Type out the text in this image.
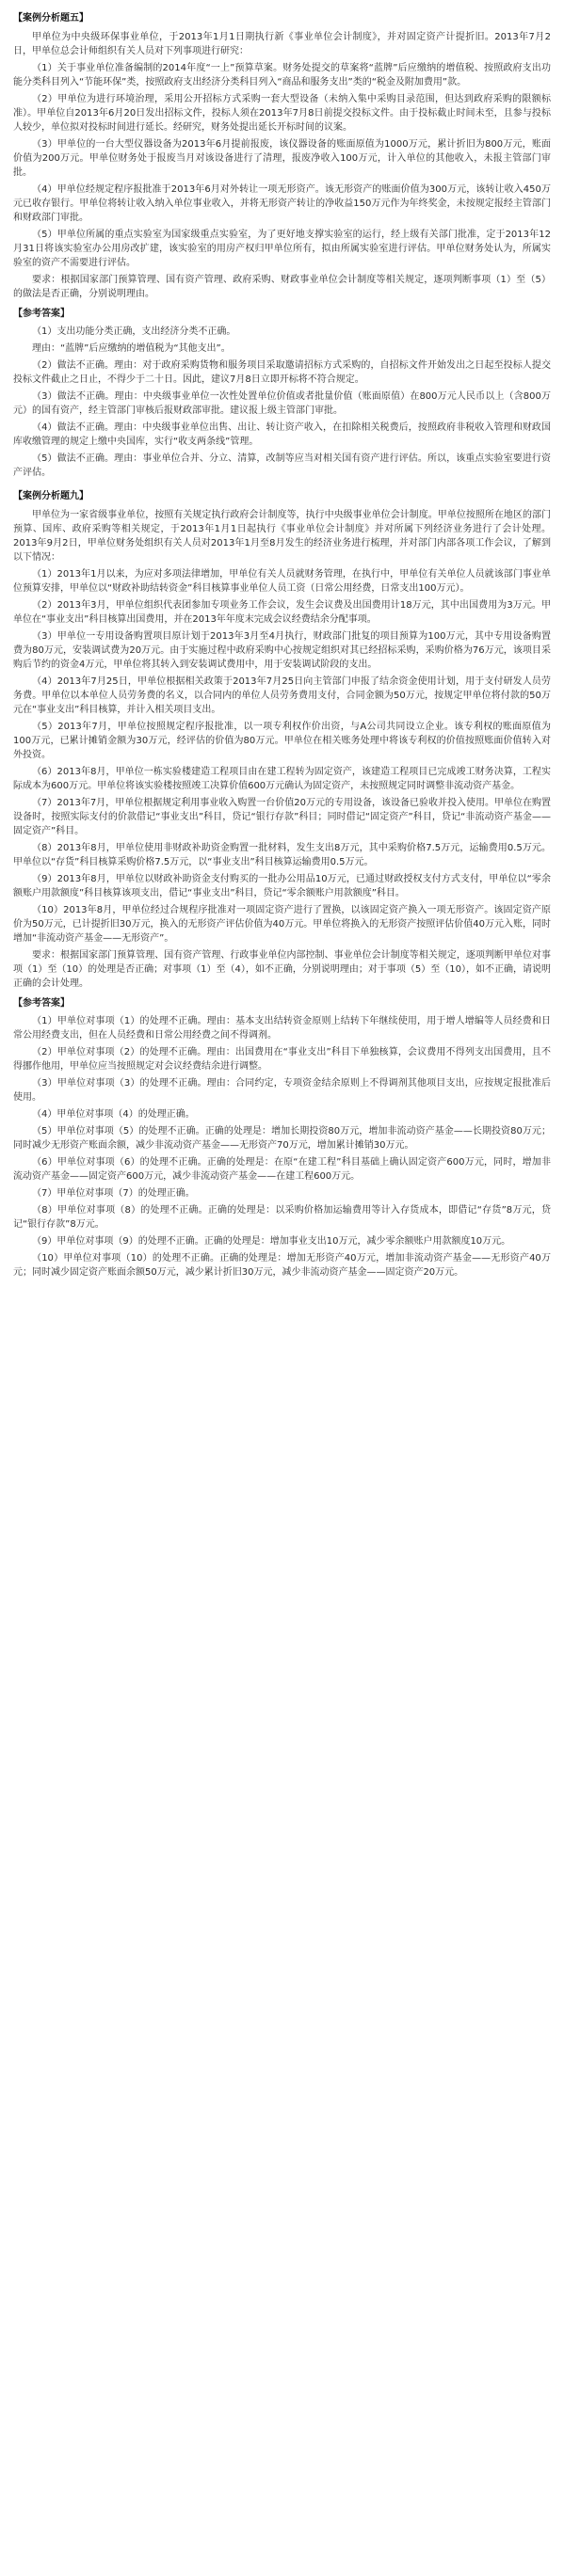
【案例分析题五】

甲单位为中央级环保事业单位，于2013年1月1日期执行新《事业单位会计制度》，并对固定资产计提折旧。2013年7月2日，甲单位总会计师组织有关人员对下列事项进行研究：

（1）关于事业单位准备编制的2014年度“一上”预算草案。财务处提交的草案将“蓝牌”后应缴纳的增值税、按照政府支出功能分类科目列入“节能环保”类，按照政府支出经济分类科目列入“商品和服务支出”类的“税金及附加费用”款。

（2）甲单位为进行环境治理，采用公开招标方式采购一套大型设备（未纳入集中采购目录范围，但达到政府采购的限额标准）。甲单位自2013年6月20日发出招标文件，投标人须在2013年7月8日前提交投标文件。由于投标截止时间未至，且参与投标人较少，单位拟对投标时间进行延长。经研究，财务处提出延长开标时间的议案。

（3）甲单位的一台大型仪器设备为2013年6月提前报废，该仪器设备的账面原值为1000万元，累计折旧为800万元，账面价值为200万元。甲单位财务处于报废当月对该设备进行了清理，报废净收入100万元，计入单位的其他收入，未报主管部门审批。

（4）甲单位经规定程序报批准于2013年6月对外转让一项无形资产。该无形资产的账面价值为300万元，该转让收入450万元已收存银行。甲单位将转让收入纳入单位事业收入，并将无形资产转让的净收益150万元作为年终奖金，未按规定报经主管部门和财政部门审批。

（5）甲单位所属的重点实验室为国家级重点实验室，为了更好地支撑实验室的运行，经上级有关部门批准，定于2013年12月31日将该实验室办公用房改扩建，该实验室的用房产权归甲单位所有，拟由所属实验室进行评估。甲单位财务处认为，所属实验室的资产不需要进行评估。

要求：根据国家部门预算管理、国有资产管理、政府采购、财政事业单位会计制度等相关规定，逐项判断事项（1）至（5）的做法是否正确，分别说明理由。

【参考答案】

（1）支出功能分类正确，支出经济分类不正确。

理由：“蓝牌”后应缴纳的增值税为“其他支出”。

（2）做法不正确。理由：对于政府采购货物和服务项目采取邀请招标方式采购的，自招标文件开始发出之日起至投标人提交投标文件截止之日止，不得少于二十日。因此，建议7月8日立即开标将不符合规定。

（3）做法不正确。理由：中央级事业单位一次性处置单位价值或者批量价值（账面原值）在800万元人民币以上（含800万元）的国有资产，经主管部门审核后报财政部审批。建议报上级主管部门审批。

（4）做法不正确。理由：中央级事业单位出售、出让、转让资产收入，在扣除相关税费后，按照政府非税收入管理和财政国库收缴管理的规定上缴中央国库，实行“收支两条线”管理。

（5）做法不正确。理由：事业单位合并、分立、清算，改制等应当对相关国有资产进行评估。所以，该重点实验室要进行资产评估。

【案例分析题九】

甲单位为一家省级事业单位，按照有关规定执行政府会计制度等，执行中央级事业单位会计制度。甲单位按照所在地区的部门预算、国库、政府采购等相关规定，于2013年1月1日起执行《事业单位会计制度》并对所属下列经济业务进行了会计处理。2013年9月2日，甲单位财务处组织有关人员对2013年1月至8月发生的经济业务进行梳理，并对部门内部各项工作会议，了解到以下情况：

（1）2013年1月以来，为应对多项法律增加，甲单位有关人员就财务管理，在执行中，甲单位有关单位人员就该部门事业单位预算安排，甲单位以“财政补助结转资金”科目核算事业单位人员工资（日常公用经费，日常支出100万元）。

（2）2013年3月，甲单位组织代表团参加专项业务工作会议，发生会议费及出国费用计18万元，其中出国费用为3万元。甲单位在“事业支出”科目核算出国费用，并在2013年年度末完成会议经费结余分配事项。

（3）甲单位一专用设备购置项目原计划于2013年3月至4月执行，财政部门批复的项目预算为100万元，其中专用设备购置费为80万元，安装调试费为20万元。由于实施过程中政府采购中心按规定组织对其已经招标采购，采购价格为76万元，该项目采购后节约的资金4万元，甲单位将其转入到安装调试费用中，用于安装调试阶段的支出。

（4）2013年7月25日，甲单位根据相关政策于2013年7月25日向主管部门申报了结余资金使用计划，用于支付研发人员劳务费。甲单位以本单位人员劳务费的名义，以合同内的单位人员劳务费用支付，合同金额为50万元，按规定甲单位将付款的50万元在“事业支出”科目核算，并计入相关项目支出。

（5）2013年7月，甲单位按照规定程序报批准，以一项专利权作价出资，与A公司共同设立企业。该专利权的账面原值为100万元，已累计摊销金额为30万元，经评估的价值为80万元。甲单位在相关账务处理中将该专利权的价值按照账面价值转入对外投资。

（6）2013年8月，甲单位一栋实验楼建造工程项目由在建工程转为固定资产，该建造工程项目已完成竣工财务决算，工程实际成本为600万元。甲单位将该实验楼按照竣工决算价值600万元确认为固定资产，未按照规定同时调整非流动资产基金。

（7）2013年7月，甲单位根据规定利用事业收入购置一台价值20万元的专用设备，该设备已验收并投入使用。甲单位在购置设备时，按照实际支付的价款借记“事业支出”科目，贷记“银行存款”科目；同时借记“固定资产”科目，贷记“非流动资产基金——固定资产”科目。

（8）2013年8月，甲单位使用非财政补助资金购置一批材料，发生支出8万元，其中采购价格7.5万元，运输费用0.5万元。甲单位以“存货”科目核算采购价格7.5万元，以“事业支出”科目核算运输费用0.5万元。

（9）2013年8月，甲单位以财政补助资金支付购买的一批办公用品10万元，已通过财政授权支付方式支付，甲单位以“零余额账户用款额度”科目核算该项支出，借记“事业支出”科目，贷记“零余额账户用款额度”科目。

（10）2013年8月，甲单位经过合规程序批准对一项固定资产进行了置换，以该固定资产换入一项无形资产。该固定资产原价为50万元，已计提折旧30万元，换入的无形资产评估价值为40万元。甲单位将换入的无形资产按照评估价值40万元入账，同时增加“非流动资产基金——无形资产”。

要求：根据国家部门预算管理、国有资产管理、行政事业单位内部控制、事业单位会计制度等相关规定，逐项判断甲单位对事项（1）至（10）的处理是否正确；对事项（1）至（4），如不正确，分别说明理由；对于事项（5）至（10），如不正确，请说明正确的会计处理。

【参考答案】

（1）甲单位对事项（1）的处理不正确。理由：基本支出结转资金原则上结转下年继续使用，用于增人增编等人员经费和日常公用经费支出，但在人员经费和日常公用经费之间不得调剂。

（2）甲单位对事项（2）的处理不正确。理由：出国费用在“事业支出”科目下单独核算，会议费用不得列支出国费用，且不得挪作他用，甲单位应当按照规定对会议经费结余进行调整。

（3）甲单位对事项（3）的处理不正确。理由：合同约定，专项资金结余原则上不得调剂其他项目支出，应按规定报批准后使用。

（4）甲单位对事项（4）的处理正确。

（5）甲单位对事项（5）的处理不正确。正确的处理是：增加长期投资80万元，增加非流动资产基金——长期投资80万元；同时减少无形资产账面余额，减少非流动资产基金——无形资产70万元，增加累计摊销30万元。

（6）甲单位对事项（6）的处理不正确。正确的处理是：在原“在建工程”科目基础上确认固定资产600万元，同时，增加非流动资产基金——固定资产600万元，减少非流动资产基金——在建工程600万元。

（7）甲单位对事项（7）的处理正确。

（8）甲单位对事项（8）的处理不正确。正确的处理是：以采购价格加运输费用等计入存货成本，即借记“存货”8万元，贷记“银行存款”8万元。

（9）甲单位对事项（9）的处理不正确。正确的处理是：增加事业支出10万元，减少零余额账户用款额度10万元。

（10）甲单位对事项（10）的处理不正确。正确的处理是：增加无形资产40万元，增加非流动资产基金——无形资产40万元；同时减少固定资产账面余额50万元，减少累计折旧30万元，减少非流动资产基金——固定资产20万元。
